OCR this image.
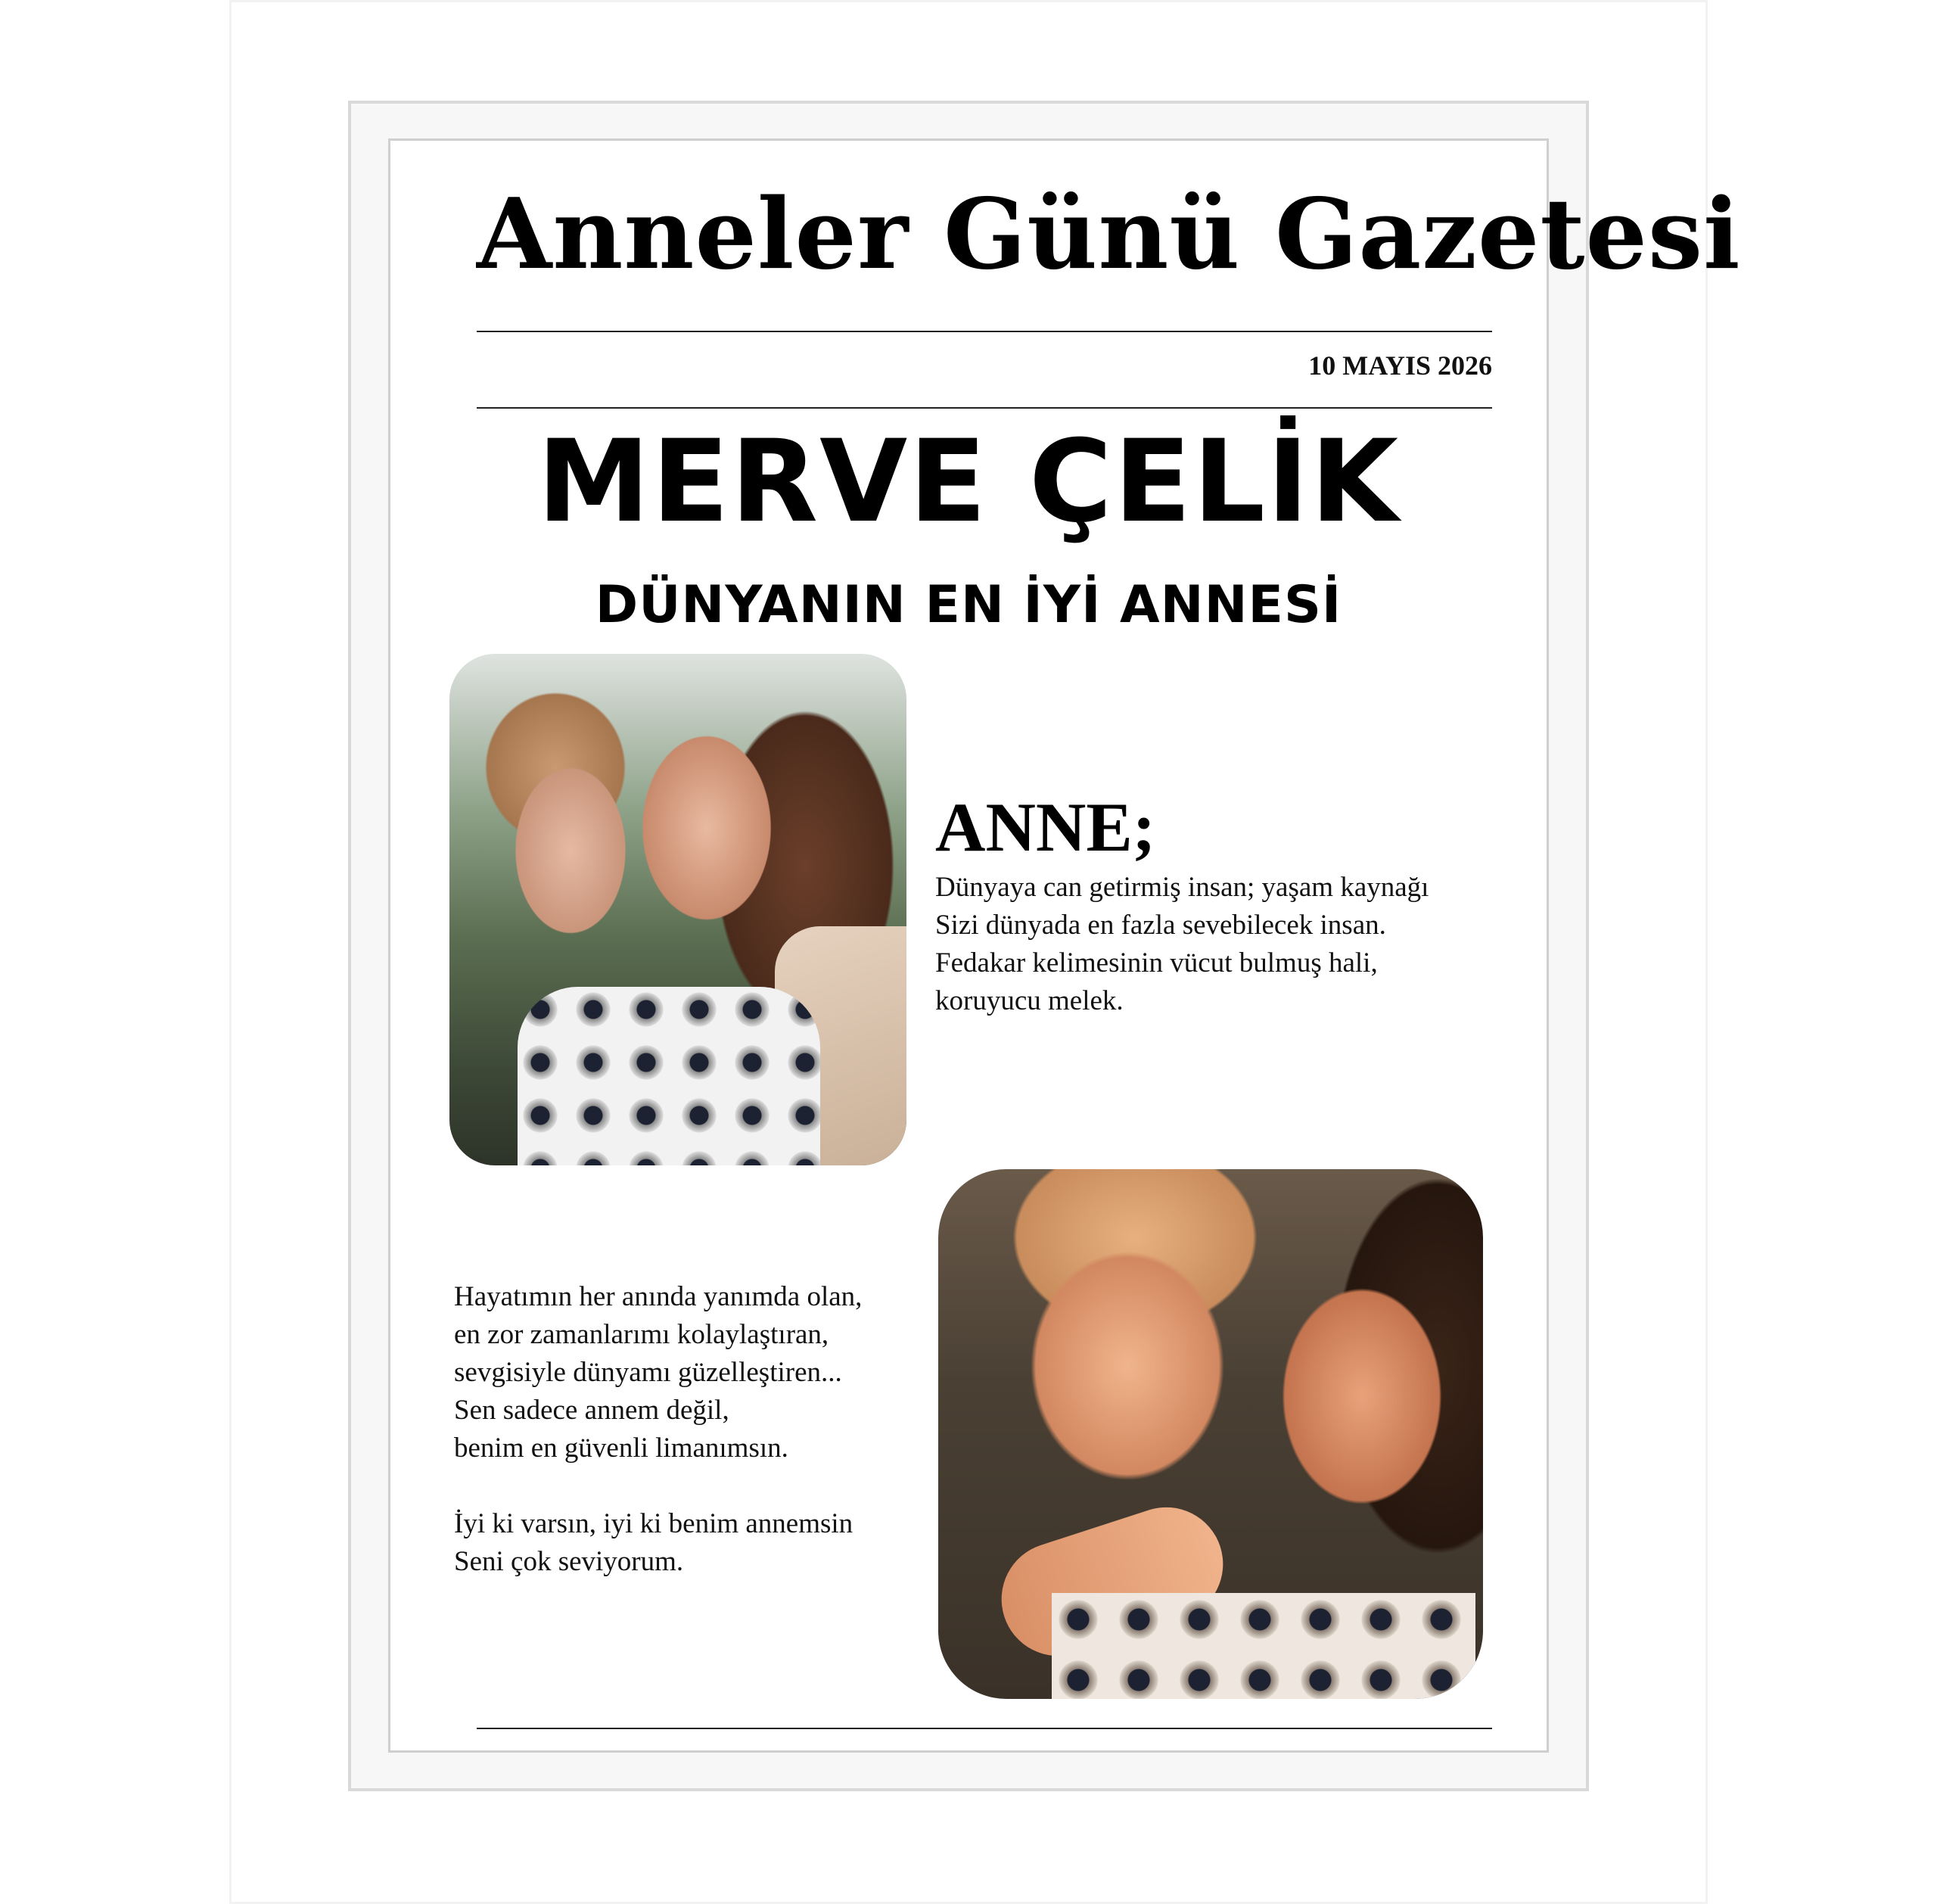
Anneler Günü Gazetesi
10 MAYIS 2026
MERVE ÇELİK
DÜNYANIN EN İYİ ANNESİ
ANNE;
Dünyaya can getirmiş insan; yaşam kaynağı
Sizi dünyada en fazla sevebilecek insan.
Fedakar kelimesinin vücut bulmuş hali,
koruyucu melek.
Hayatımın her anında yanımda olan,
en zor zamanlarımı kolaylaştıran,
sevgisiyle dünyamı güzelleştiren...
Sen sadece annem değil,
benim en güvenli limanımsın.
İyi ki varsın, iyi ki benim annemsin
Seni çok seviyorum.
